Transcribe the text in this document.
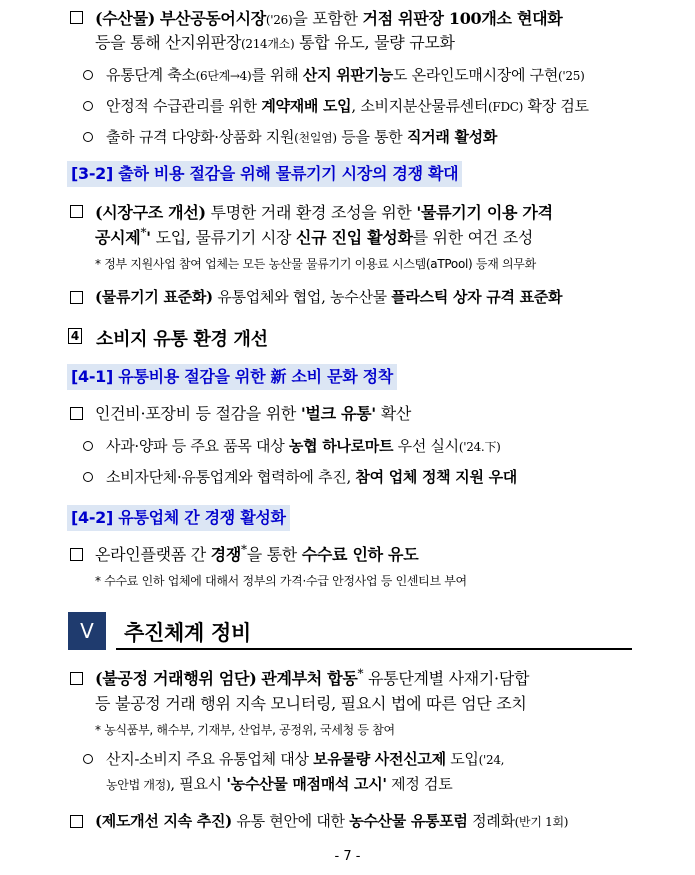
(수산물) 부산공동어시장('26)을 포함한 거점 위판장 100개소 현대화
등을 통해 산지위판장(214개소) 통합 유도, 물량 규모화
유통단계 축소(6단계→4)를 위해 산지 위판기능도 온라인도매시장에 구현('25)
안정적 수급관리를 위한 계약재배 도입, 소비지분산물류센터(FDC) 확장 검토
출하 규격 다양화·상품화 지원(천일염) 등을 통한 직거래 활성화
[3-2] 출하 비용 절감을 위해 물류기기 시장의 경쟁 확대
(시장구조 개선) 투명한 거래 환경 조성을 위한 '물류기기 이용 가격
공시제*' 도입, 물류기기 시장 신규 진입 활성화를 위한 여건 조성
* 정부 지원사업 참여 업체는 모든 농산물 물류기기 이용료 시스템(aTPool) 등재 의무화
(물류기기 표준화) 유통업체와 협업, 농수산물 플라스틱 상자 규격 표준화
4 소비지 유통 환경 개선
[4-1] 유통비용 절감을 위한 新 소비 문화 정착
인건비·포장비 등 절감을 위한 '벌크 유통' 확산
사과·양파 등 주요 품목 대상 농협 하나로마트 우선 실시('24.下)
소비자단체·유통업계와 협력하에 추진, 참여 업체 정책 지원 우대
[4-2] 유통업체 간 경쟁 활성화
온라인플랫폼 간 경쟁*을 통한 수수료 인하 유도
* 수수료 인하 업체에 대해서 정부의 가격·수급 안정사업 등 인센티브 부여
Ⅴ	추진체계 정비
(불공정 거래행위 엄단) 관계부처 합동* 유통단계별 사재기·담합
등 불공정 거래 행위 지속 모니터링, 필요시 법에 따른 엄단 조치
* 농식품부, 해수부, 기재부, 산업부, 공정위, 국세청 등 참여
산지-소비지 주요 유통업체 대상 보유물량 사전신고제 도입('24,
농안법 개정), 필요시 '농수산물 매점매석 고시' 제정 검토
(제도개선 지속 추진) 유통 현안에 대한 농수산물 유통포럼 정례화(반기 1회)
- 7 -
